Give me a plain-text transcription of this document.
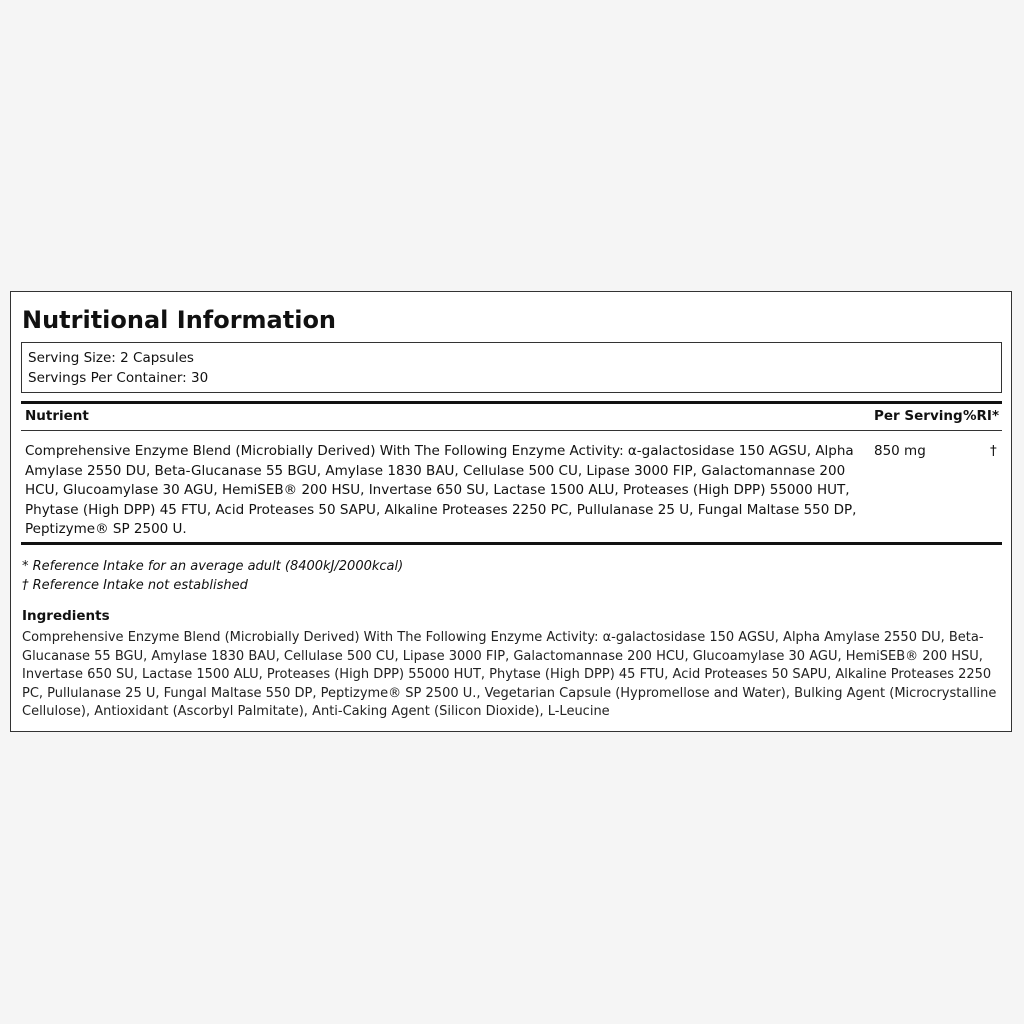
Nutritional Information
Serving Size: 2 Capsules
Servings Per Container: 30
Nutrient	Per Serving %RI*
Comprehensive Enzyme Blend (Microbially Derived) With The Following Enzyme Activity: α-galactosidase 150 AGSU, Alpha Amylase 2550 DU, Beta-Glucanase 55 BGU, Amylase 1830 BAU, Cellulase 500 CU, Lipase 3000 FIP, Galactomannase 200 HCU, Glucoamylase 30 AGU, HemiSEB® 200 HSU, Invertase 650 SU, Lactase 1500 ALU, Proteases (High DPP) 55000 HUT, Phytase (High DPP) 45 FTU, Acid Proteases 50 SAPU, Alkaline Proteases 2250 PC, Pullulanase 25 U, Fungal Maltase 550 DP, Peptizyme® SP 2500 U.
850 mg	†
* Reference Intake for an average adult (8400kJ/2000kcal)
† Reference Intake not established
Ingredients
Comprehensive Enzyme Blend (Microbially Derived) With The Following Enzyme Activity: α-galactosidase 150 AGSU, Alpha Amylase 2550 DU, Beta-Glucanase 55 BGU, Amylase 1830 BAU, Cellulase 500 CU, Lipase 3000 FIP, Galactomannase 200 HCU, Glucoamylase 30 AGU, HemiSEB® 200 HSU, Invertase 650 SU, Lactase 1500 ALU, Proteases (High DPP) 55000 HUT, Phytase (High DPP) 45 FTU, Acid Proteases 50 SAPU, Alkaline Proteases 2250 PC, Pullulanase 25 U, Fungal Maltase 550 DP, Peptizyme® SP 2500 U., Vegetarian Capsule (Hypromellose and Water), Bulking Agent (Microcrystalline Cellulose), Antioxidant (Ascorbyl Palmitate), Anti-Caking Agent (Silicon Dioxide), L-Leucine
